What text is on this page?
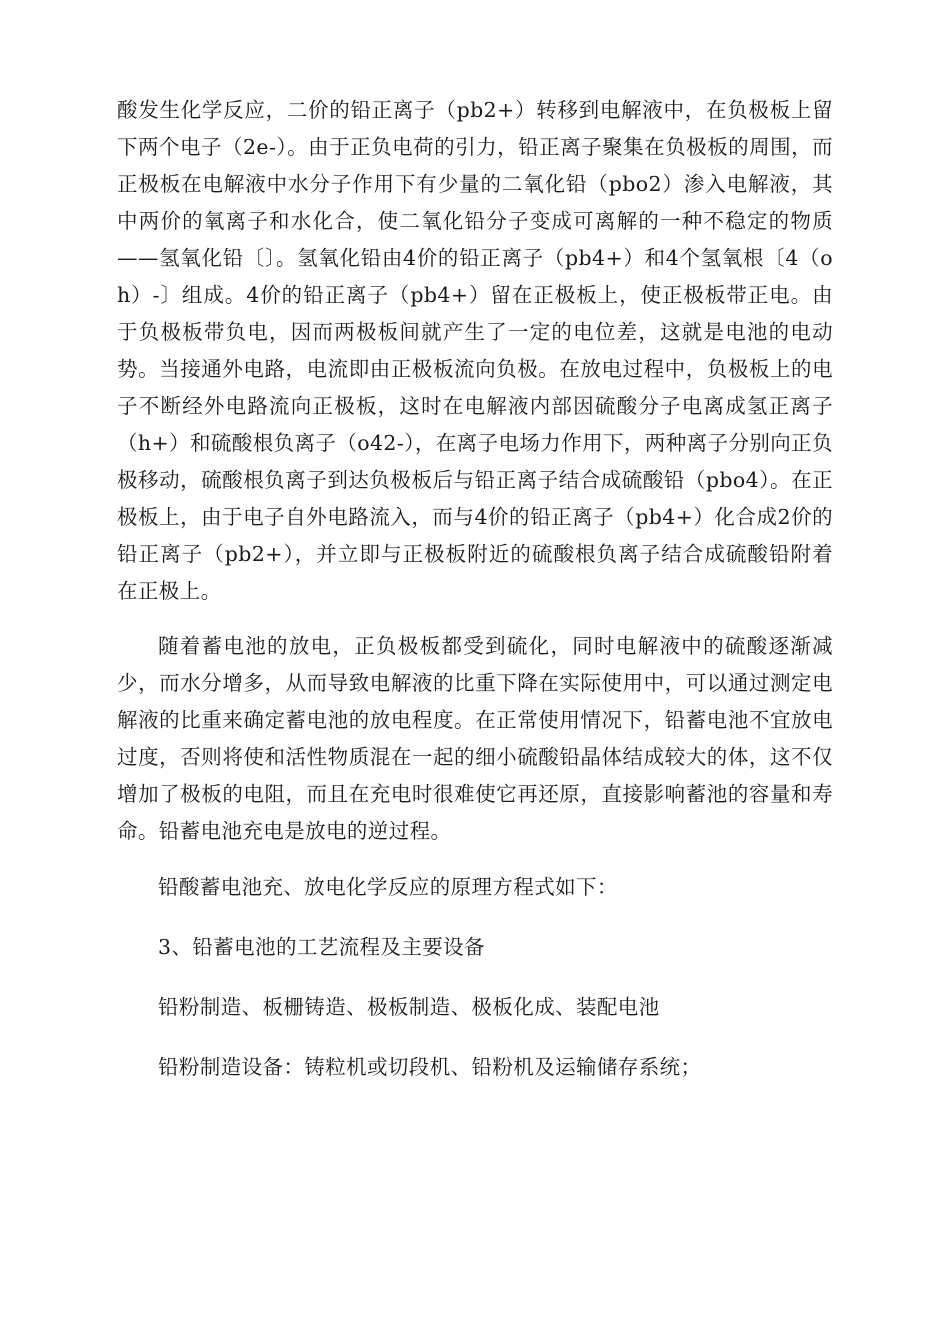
酸发生化学反应，二价的铅正离子（pb2+）转移到电解液中，在负极板上留下两个电子（2e-）。由于正负电荷的引力，铅正离子聚集在负极板的周围，而正极板在电解液中水分子作用下有少量的二氧化铅（pbo2）渗入电解液，其中两价的氧离子和水化合，使二氧化铅分子变成可离解的一种不稳定的物质——氢氧化铅〔〕。氢氧化铅由4价的铅正离子（pb4+）和4个氢氧根〔4（oh）-〕组成。4价的铅正离子（pb4+）留在正极板上，使正极板带正电。由于负极板带负电，因而两极板间就产生了一定的电位差，这就是电池的电动势。当接通外电路，电流即由正极板流向负极。在放电过程中，负极板上的电子不断经外电路流向正极板，这时在电解液内部因硫酸分子电离成氢正离子（h+）和硫酸根负离子（o42-），在离子电场力作用下，两种离子分别向正负极移动，硫酸根负离子到达负极板后与铅正离子结合成硫酸铅（pbo4）。在正极板上，由于电子自外电路流入，而与4价的铅正离子（pb4+）化合成2价的铅正离子（pb2+），并立即与正极板附近的硫酸根负离子结合成硫酸铅附着在正极上。

随着蓄电池的放电，正负极板都受到硫化，同时电解液中的硫酸逐渐减少，而水分增多，从而导致电解液的比重下降在实际使用中，可以通过测定电解液的比重来确定蓄电池的放电程度。在正常使用情况下，铅蓄电池不宜放电过度，否则将使和活性物质混在一起的细小硫酸铅晶体结成较大的体，这不仅增加了极板的电阻，而且在充电时很难使它再还原，直接影响蓄池的容量和寿命。铅蓄电池充电是放电的逆过程。

铅酸蓄电池充、放电化学反应的原理方程式如下：

3、铅蓄电池的工艺流程及主要设备

铅粉制造、板栅铸造、极板制造、极板化成、装配电池

铅粉制造设备：铸粒机或切段机、铅粉机及运输储存系统；
